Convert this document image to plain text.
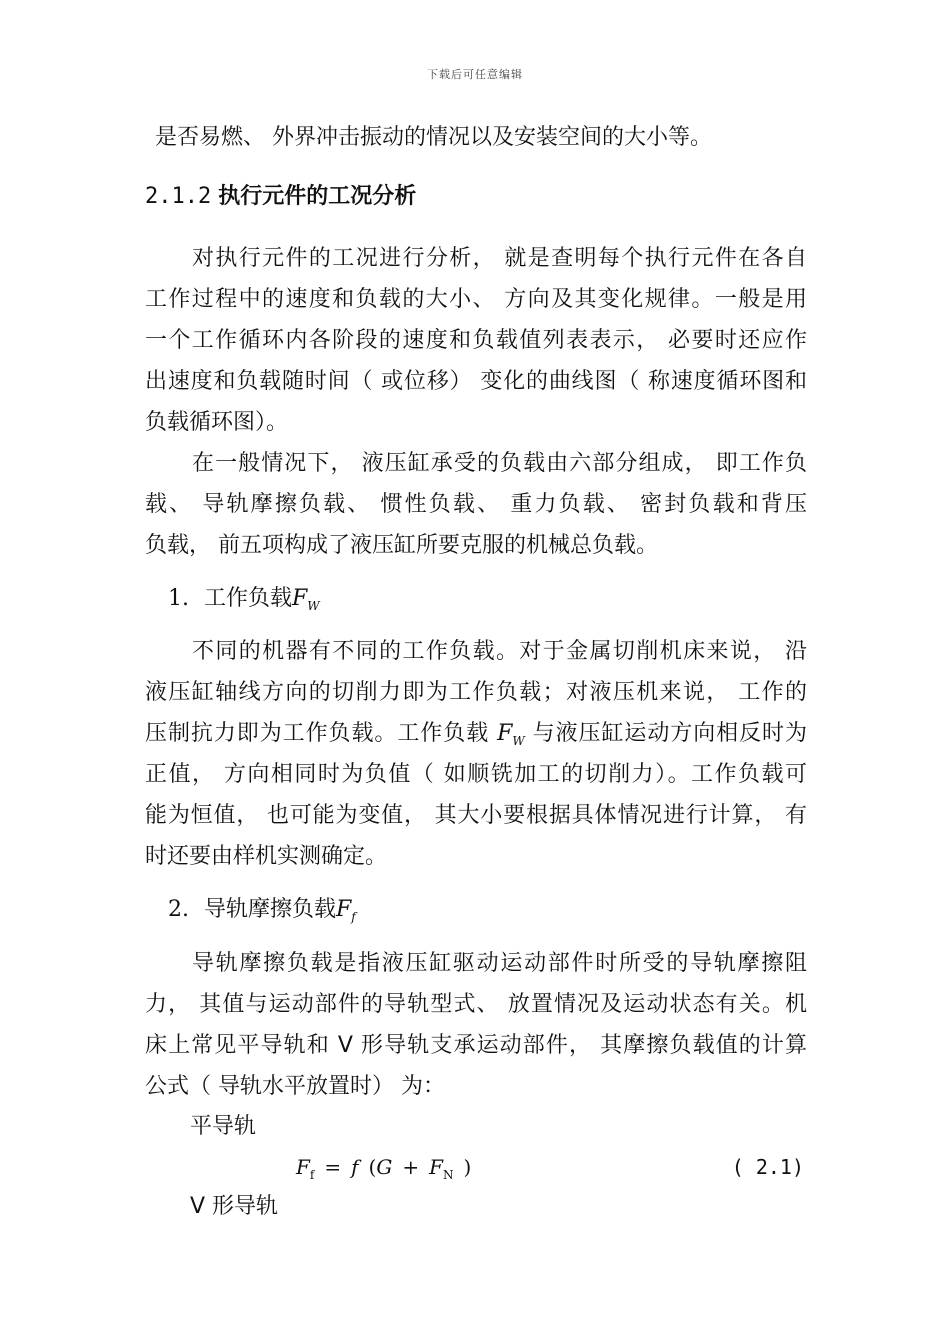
下载后可任意编辑
是否易燃、 外界冲击振动的情况以及安装空间的大小等。
2.1.2 执行元件的工况分析
对执行元件的工况进行分析， 就是查明每个执行元件在各自
工作过程中的速度和负载的大小、 方向及其变化规律。一般是用
一个工作循环内各阶段的速度和负载值列表表示， 必要时还应作
出速度和负载随时间（ 或位移） 变化的曲线图（ 称速度循环图和
负载循环图）。
在一般情况下， 液压缸承受的负载由六部分组成， 即工作负
载、 导轨摩擦负载、 惯性负载、 重力负载、 密封负载和背压
负载， 前五项构成了液压缸所要克服的机械总负载。
1. 工作负载$F_W$
不同的机器有不同的工作负载。对于金属切削机床来说， 沿
液压缸轴线方向的切削力即为工作负载；对液压机来说， 工作的
压制抗力即为工作负载。工作负载 $F_W$ 与液压缸运动方向相反时为
正值， 方向相同时为负值（ 如顺铣加工的切削力）。工作负载可
能为恒值， 也可能为变值， 其大小要根据具体情况进行计算， 有
时还要由样机实测确定。
2. 导轨摩擦负载$F_f$
导轨摩擦负载是指液压缸驱动运动部件时所受的导轨摩擦阻
力， 其值与运动部件的导轨型式、 放置情况及运动状态有关。机
床上常见平导轨和 V 形导轨支承运动部件， 其摩擦负载值的计算
公式（ 导轨水平放置时） 为：
平导轨
$F_f = f$ ($G + F_N$ )	( 2.1)
V 形导轨
